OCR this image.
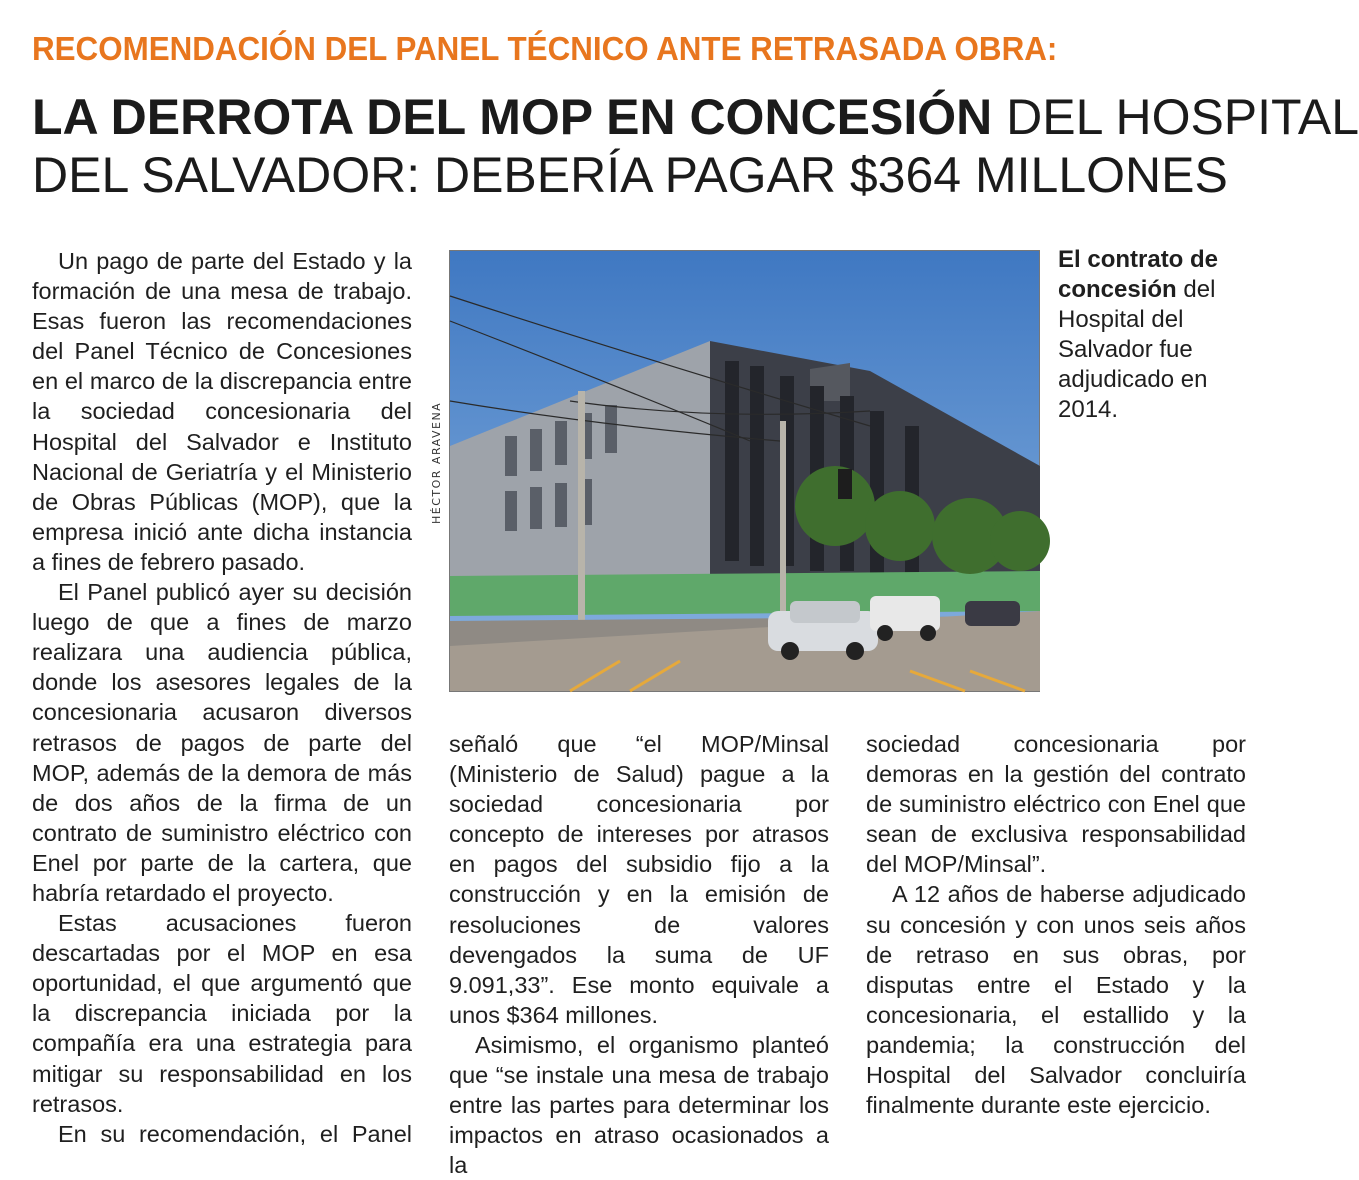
RECOMENDACIÓN DEL PANEL TÉCNICO ANTE RETRASADA OBRA:
LA DERROTA DEL MOP EN CONCESIÓN DEL HOSPITAL
DEL SALVADOR: DEBERÍA PAGAR $364 MILLONES

Un pago de parte del Estado y la formación de una mesa de trabajo. Esas fueron las recomendaciones del Panel Técnico de Concesiones en el marco de la discrepancia entre la sociedad concesionaria del Hospital del Salvador e Instituto Nacional de Geriatría y el Ministerio de Obras Públicas (MOP), que la empresa inició ante dicha instancia a fines de febrero pasado.

El Panel publicó ayer su decisión luego de que a fines de marzo realizara una audiencia pública, donde los asesores legales de la concesionaria acusaron diversos retrasos de pagos de parte del MOP, además de la demora de más de dos años de la firma de un contrato de suministro eléctrico con Enel por parte de la cartera, que habría retardado el proyecto.

Estas acusaciones fueron descartadas por el MOP en esa oportunidad, el que argumentó que la discrepancia iniciada por la compañía era una estrategia para mitigar su responsabilidad en los retrasos.

En su recomendación, el Panel

HÉCTOR ARAVENA
El contrato de concesión del Hospital del Salvador fue adjudicado en 2014.

señaló que “el MOP/Minsal (Ministerio de Salud) pague a la sociedad concesionaria por concepto de intereses por atrasos en pagos del subsidio fijo a la construcción y en la emisión de resoluciones de valores devengados la suma de UF 9.091,33”. Ese monto equivale a unos $364 millones.

Asimismo, el organismo planteó que “se instale una mesa de trabajo entre las partes para determinar los impactos en atraso ocasionados a la

sociedad concesionaria por demoras en la gestión del contrato de suministro eléctrico con Enel que sean de exclusiva responsabilidad del MOP/Minsal”.

A 12 años de haberse adjudicado su concesión y con unos seis años de retraso en sus obras, por disputas entre el Estado y la concesionaria, el estallido y la pandemia; la construcción del Hospital del Salvador concluiría finalmente durante este ejercicio.
